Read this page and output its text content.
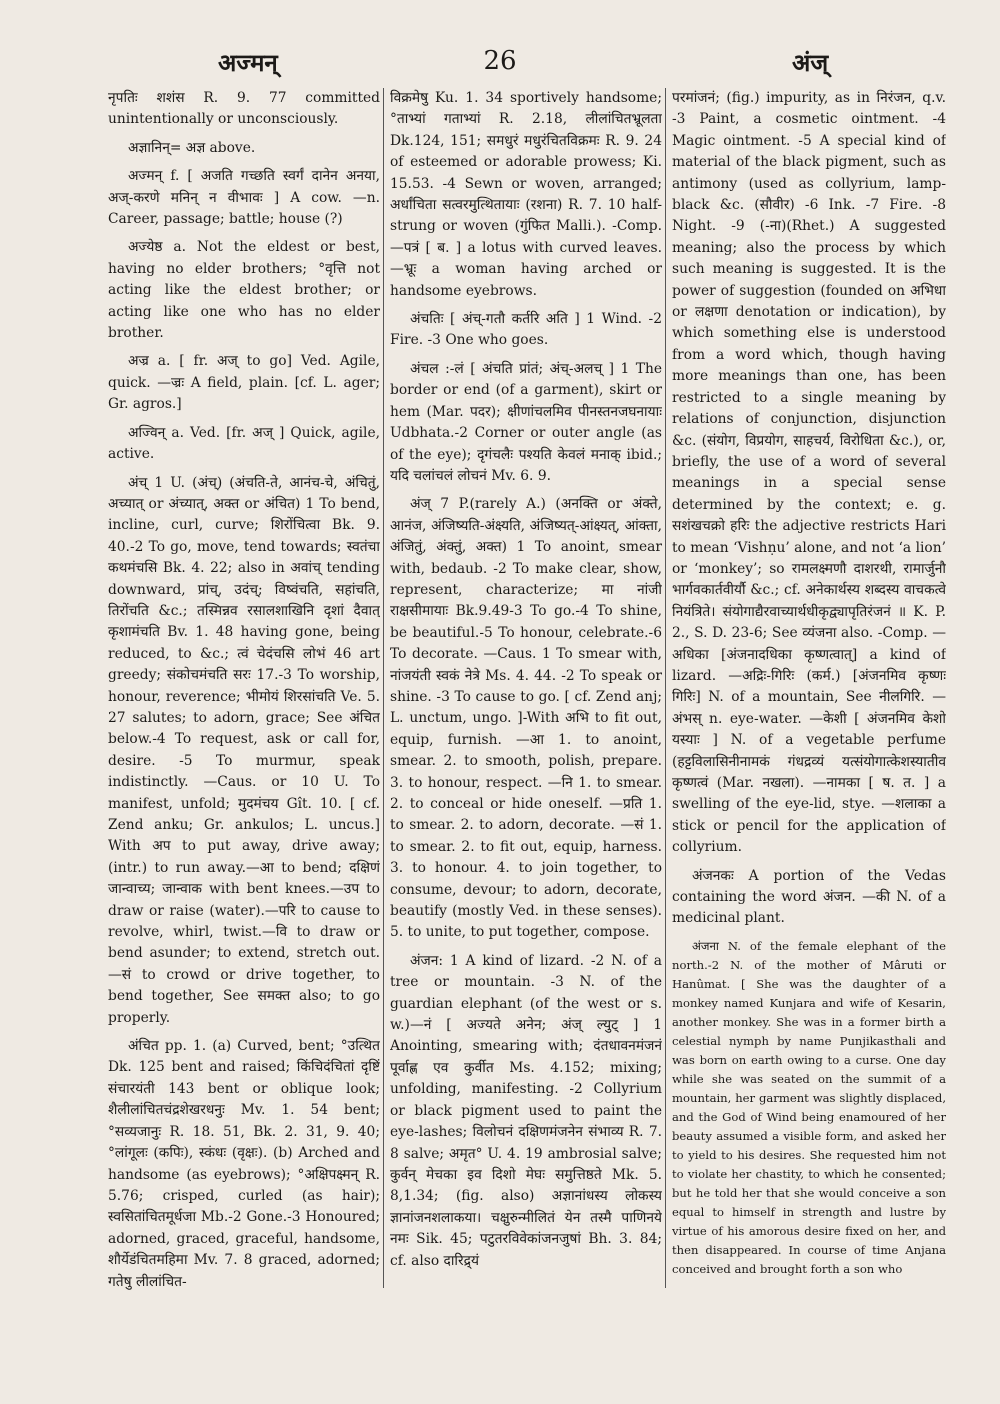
26
अज्मन्	अंज्

नृपतिः शशंस R. 9. 77 committed unintentionally or unconsciously.

अज्ञानिन्= अज्ञ above.

अज्मन् f. [ अजति गच्छति स्वर्गं दानेन अनया, अज्-करणे मनिन् न वीभावः ] A cow. —n. Career, passage; battle; house (?)

अज्येष्ठ a. Not the eldest or best, having no elder brothers; °वृत्ति not acting like the eldest brother; or acting like one who has no elder brother.

अज्र a. [ fr. अज् to go] Ved. Agile, quick. —ज्रः A field, plain. [cf. L. ager; Gr. agros.]

अज्विन् a. Ved. [fr. अज् ] Quick, agile, active.

अंच् 1 U. (अंच्) (अंचति-ते, आनंच-चे, अंचितुं, अच्यात् or अंच्यात्, अक्त or अंचित) 1 To bend, incline, curl, curve; शिरोंचित्वा Bk. 9. 40.-2 To go, move, tend towards; स्वतंचा कथमंचसि Bk. 4. 22; also in अवांच् tending downward, प्रांच्, उदंच्; विष्वंचति, सहांचति, तिरोंचति &c.; तस्मिन्नव रसालशाखिनि दृशां दैवात् कृशामंचति Bv. 1. 48 having gone, being reduced, to &c.; त्वं चेदंचसि लोभं 46 art greedy; संकोचमंचति सरः 17.-3 To worship, honour, reverence; भीमोयं शिरसांचति Ve. 5. 27 salutes; to adorn, grace; See अंचित below.-4 To request, ask or call for, desire. -5 To murmur, speak indistinctly. —Caus. or 10 U. To manifest, unfold; मुदमंचय Gît. 10. [ cf. Zend anku; Gr. ankulos; L. uncus.] With अप to put away, drive away; (intr.) to run away.—आ to bend; दक्षिणं जान्वाच्य; जान्वाक with bent knees.—उप to draw or raise (water).—परि to cause to revolve, whirl, twist.—वि to draw or bend asunder; to extend, stretch out.—सं to crowd or drive together, to bend together, See समक्त also; to go properly.

अंचित pp. 1. (a) Curved, bent; °उत्थित Dk. 125 bent and raised; किंचिदंचितां दृष्टिं संचारयंती 143 bent or oblique look; शैलीलांचितचंद्रशेखरधनुः Mv. 1. 54 bent; °सव्यजानुः R. 18. 51, Bk. 2. 31, 9. 40; °लांगूलः (कपिः), स्कंधः (वृक्षः). (b) Arched and handsome (as eyebrows); °अक्षिपक्ष्मन् R. 5.76; crisped, curled (as hair); स्वसितांचितमूर्धजा Mb.-2 Gone.-3 Honoured; adorned, graced, graceful, handsome, शौर्येडंचितमहिमा Mv. 7. 8 graced, adorned; गतेषु लीलांचित-

विक्रमेषु Ku. 1. 34 sportively handsome; °ताभ्यां गताभ्यां R. 2.18, लीलांचितभ्रूलता Dk.124, 151; समधुरं मधुरंचितविक्रमः R. 9. 24 of esteemed or adorable prowess; Ki. 15.53. -4 Sewn or woven, arranged; अर्धांचिता सत्वरमुत्थितायाः (रशना) R. 7. 10 half-strung or woven (गुंफित Malli.). -Comp. —पत्रं [ ब. ] a lotus with curved leaves. —भ्रूः a woman having arched or handsome eyebrows.

अंचतिः [ अंच्-गतौ कर्तरि अति ] 1 Wind. -2 Fire. -3 One who goes.

अंचल :-लं [ अंचति प्रांतं; अंच्-अलच् ] 1 The border or end (of a garment), skirt or hem (Mar. पदर); क्षीणांचलमिव पीनस्तनजघनायाः Udbhata.-2 Corner or outer angle (as of the eye); दृगंचलैः पश्यति केवलं मनाक् ibid.; यदि चलांचलं लोचनं Mv. 6. 9.

अंज् 7 P.(rarely A.) (अनक्ति or अंक्ते, आनंज, अंजिष्यति-अंक्ष्यति, अंजिष्यत्-आंक्ष्यत्, आंक्ता, अंजितुं, अंक्तुं, अक्त) 1 To anoint, smear with, bedaub. -2 To make clear, show, represent, characterize; मा नांजी राक्षसीमायाः Bk.9.49-3 To go.-4 To shine, be beautiful.-5 To honour, celebrate.-6 To decorate. —Caus. 1 To smear with, नांजयंती स्वकं नेत्रे Ms. 4. 44. -2 To speak or shine. -3 To cause to go. [ cf. Zend anj; L. unctum, ungo. ]-With अभि to fit out, equip, furnish. —आ 1. to anoint, smear. 2. to smooth, polish, prepare. 3. to honour, respect. —नि 1. to smear. 2. to conceal or hide oneself. —प्रति 1. to smear. 2. to adorn, decorate. —सं 1. to smear. 2. to fit out, equip, harness. 3. to honour. 4. to join together, to consume, devour; to adorn, decorate, beautify (mostly Ved. in these senses). 5. to unite, to put together, compose.

अंजन: 1 A kind of lizard. -2 N. of a tree or mountain. -3 N. of the guardian elephant (of the west or s. w.)—नं [ अज्यते अनेन; अंज् ल्युट् ] 1 Anointing, smearing with; दंतधावनमंजनं पूर्वाह्ण एव कुर्वीत Ms. 4.152; mixing; unfolding, manifesting. -2 Collyrium or black pigment used to paint the eye-lashes; विलोचनं दक्षिणमंजनेन संभाव्य R. 7. 8 salve; अमृत° U. 4. 19 ambrosial salve; कुर्वन् मेचका इव दिशो मेघः समुत्तिष्ठते Mk. 5. 8,1.34; (fig. also) अज्ञानांधस्य लोकस्य ज्ञानांजनशलाकया। चक्षुरुन्मीलितं येन तस्मै पाणिनये नमः Sik. 45; पटुतरविवेकांजनजुषां Bh. 3. 84; cf. also दारिद्र्यं

परमांजनं; (fig.) impurity, as in निरंजन, q.v. -3 Paint, a cosmetic ointment. -4 Magic ointment. -5 A special kind of material of the black pigment, such as antimony (used as collyrium, lamp-black &c. (सौवीर) -6 Ink. -7 Fire. -8 Night. -9 (-ना)(Rhet.) A suggested meaning; also the process by which such meaning is suggested. It is the power of suggestion (founded on अभिधा or लक्षणा denotation or indication), by which something else is understood from a word which, though having more meanings than one, has been restricted to a single meaning by relations of conjunction, disjunction &c. (संयोग, विप्रयोग, साहचर्य, विरोधिता &c.), or, briefly, the use of a word of several meanings in a special sense determined by the context; e. g. सशंखचक्रो हरिः the adjective restricts Hari to mean ‘Vishṇu’ alone, and not ‘a lion’ or ‘monkey’; so रामलक्ष्मणौ दाशरथी, रामार्जुनौ भार्गवकार्तवीर्यौ &c.; cf. अनेकार्थस्य शब्दस्य वाचकत्वे नियंत्रिते। संयोगाद्यैरवाच्यार्थधीकृद्व्यापृतिरंजनं ॥ K. P. 2., S. D. 23-6; See व्यंजना also. -Comp. —अधिका [अंजनादधिका कृष्णत्वात्] a kind of lizard. —अद्रिः-गिरिः (कर्म.) [अंजनमिव कृष्णः गिरिः] N. of a mountain, See नीलगिरि. —अंभस् n. eye-water. —केशी [ अंजनमिव केशो यस्याः ] N. of a vegetable perfume (हट्टविलासिनीनामकं गंधद्रव्यं यत्संयोगात्केशस्यातीव कृष्णत्वं (Mar. नखला). —नामका [ ष. त. ] a swelling of the eye-lid, stye. —शलाका a stick or pencil for the application of collyrium.

अंजनकः A portion of the Vedas containing the word अंजन. —की N. of a medicinal plant.

अंजना N. of the female elephant of the north.-2 N. of the mother of Mâruti or Hanûmat. [ She was the daughter of a monkey named Kunjara and wife of Kesarin, another monkey. She was in a former birth a celestial nymph by name Punjikasthali and was born on earth owing to a curse. One day while she was seated on the summit of a mountain, her garment was slightly displaced, and the God of Wind being enamoured of her beauty assumed a visible form, and asked her to yield to his desires. She requested him not to violate her chastity, to which he consented; but he told her that she would conceive a son equal to himself in strength and lustre by virtue of his amorous desire fixed on her, and then disappeared. In course of time Anjana conceived and brought forth a son who
